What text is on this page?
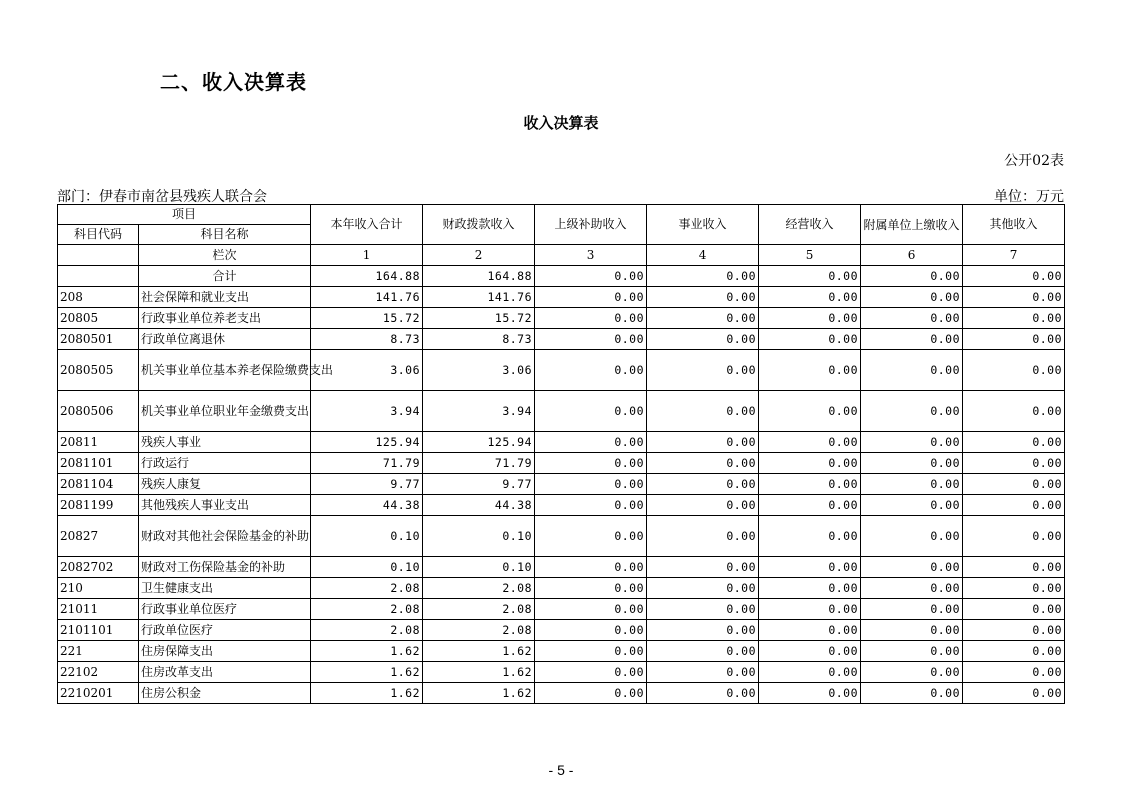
二、收入决算表
收入决算表
公开02表
部门：伊春市南岔县残疾人联合会	单位：万元
项目		本年收入合计	财政拨款收入	上级补助收入	事业收入	经营收入	附属单位上缴收入	其他收入
科目代码	科目名称							
	栏次	1	2	3	4	5	6	7
	合计	164.88	164.88	0.00	0.00	0.00	0.00	0.00
208	社会保障和就业支出	141.76	141.76	0.00	0.00	0.00	0.00	0.00
20805	行政事业单位养老支出	15.72	15.72	0.00	0.00	0.00	0.00	0.00
2080501	行政单位离退休	8.73	8.73	0.00	0.00	0.00	0.00	0.00
2080505	机关事业单位基本养老保险缴费支出	3.06	3.06	0.00	0.00	0.00	0.00	0.00
2080506	机关事业单位职业年金缴费支出	3.94	3.94	0.00	0.00	0.00	0.00	0.00
20811	残疾人事业	125.94	125.94	0.00	0.00	0.00	0.00	0.00
2081101	行政运行	71.79	71.79	0.00	0.00	0.00	0.00	0.00
2081104	残疾人康复	9.77	9.77	0.00	0.00	0.00	0.00	0.00
2081199	其他残疾人事业支出	44.38	44.38	0.00	0.00	0.00	0.00	0.00
20827	财政对其他社会保险基金的补助	0.10	0.10	0.00	0.00	0.00	0.00	0.00
2082702	财政对工伤保险基金的补助	0.10	0.10	0.00	0.00	0.00	0.00	0.00
210	卫生健康支出	2.08	2.08	0.00	0.00	0.00	0.00	0.00
21011	行政事业单位医疗	2.08	2.08	0.00	0.00	0.00	0.00	0.00
2101101	行政单位医疗	2.08	2.08	0.00	0.00	0.00	0.00	0.00
221	住房保障支出	1.62	1.62	0.00	0.00	0.00	0.00	0.00
22102	住房改革支出	1.62	1.62	0.00	0.00	0.00	0.00	0.00
2210201	住房公积金	1.62	1.62	0.00	0.00	0.00	0.00	0.00
- 5 -
